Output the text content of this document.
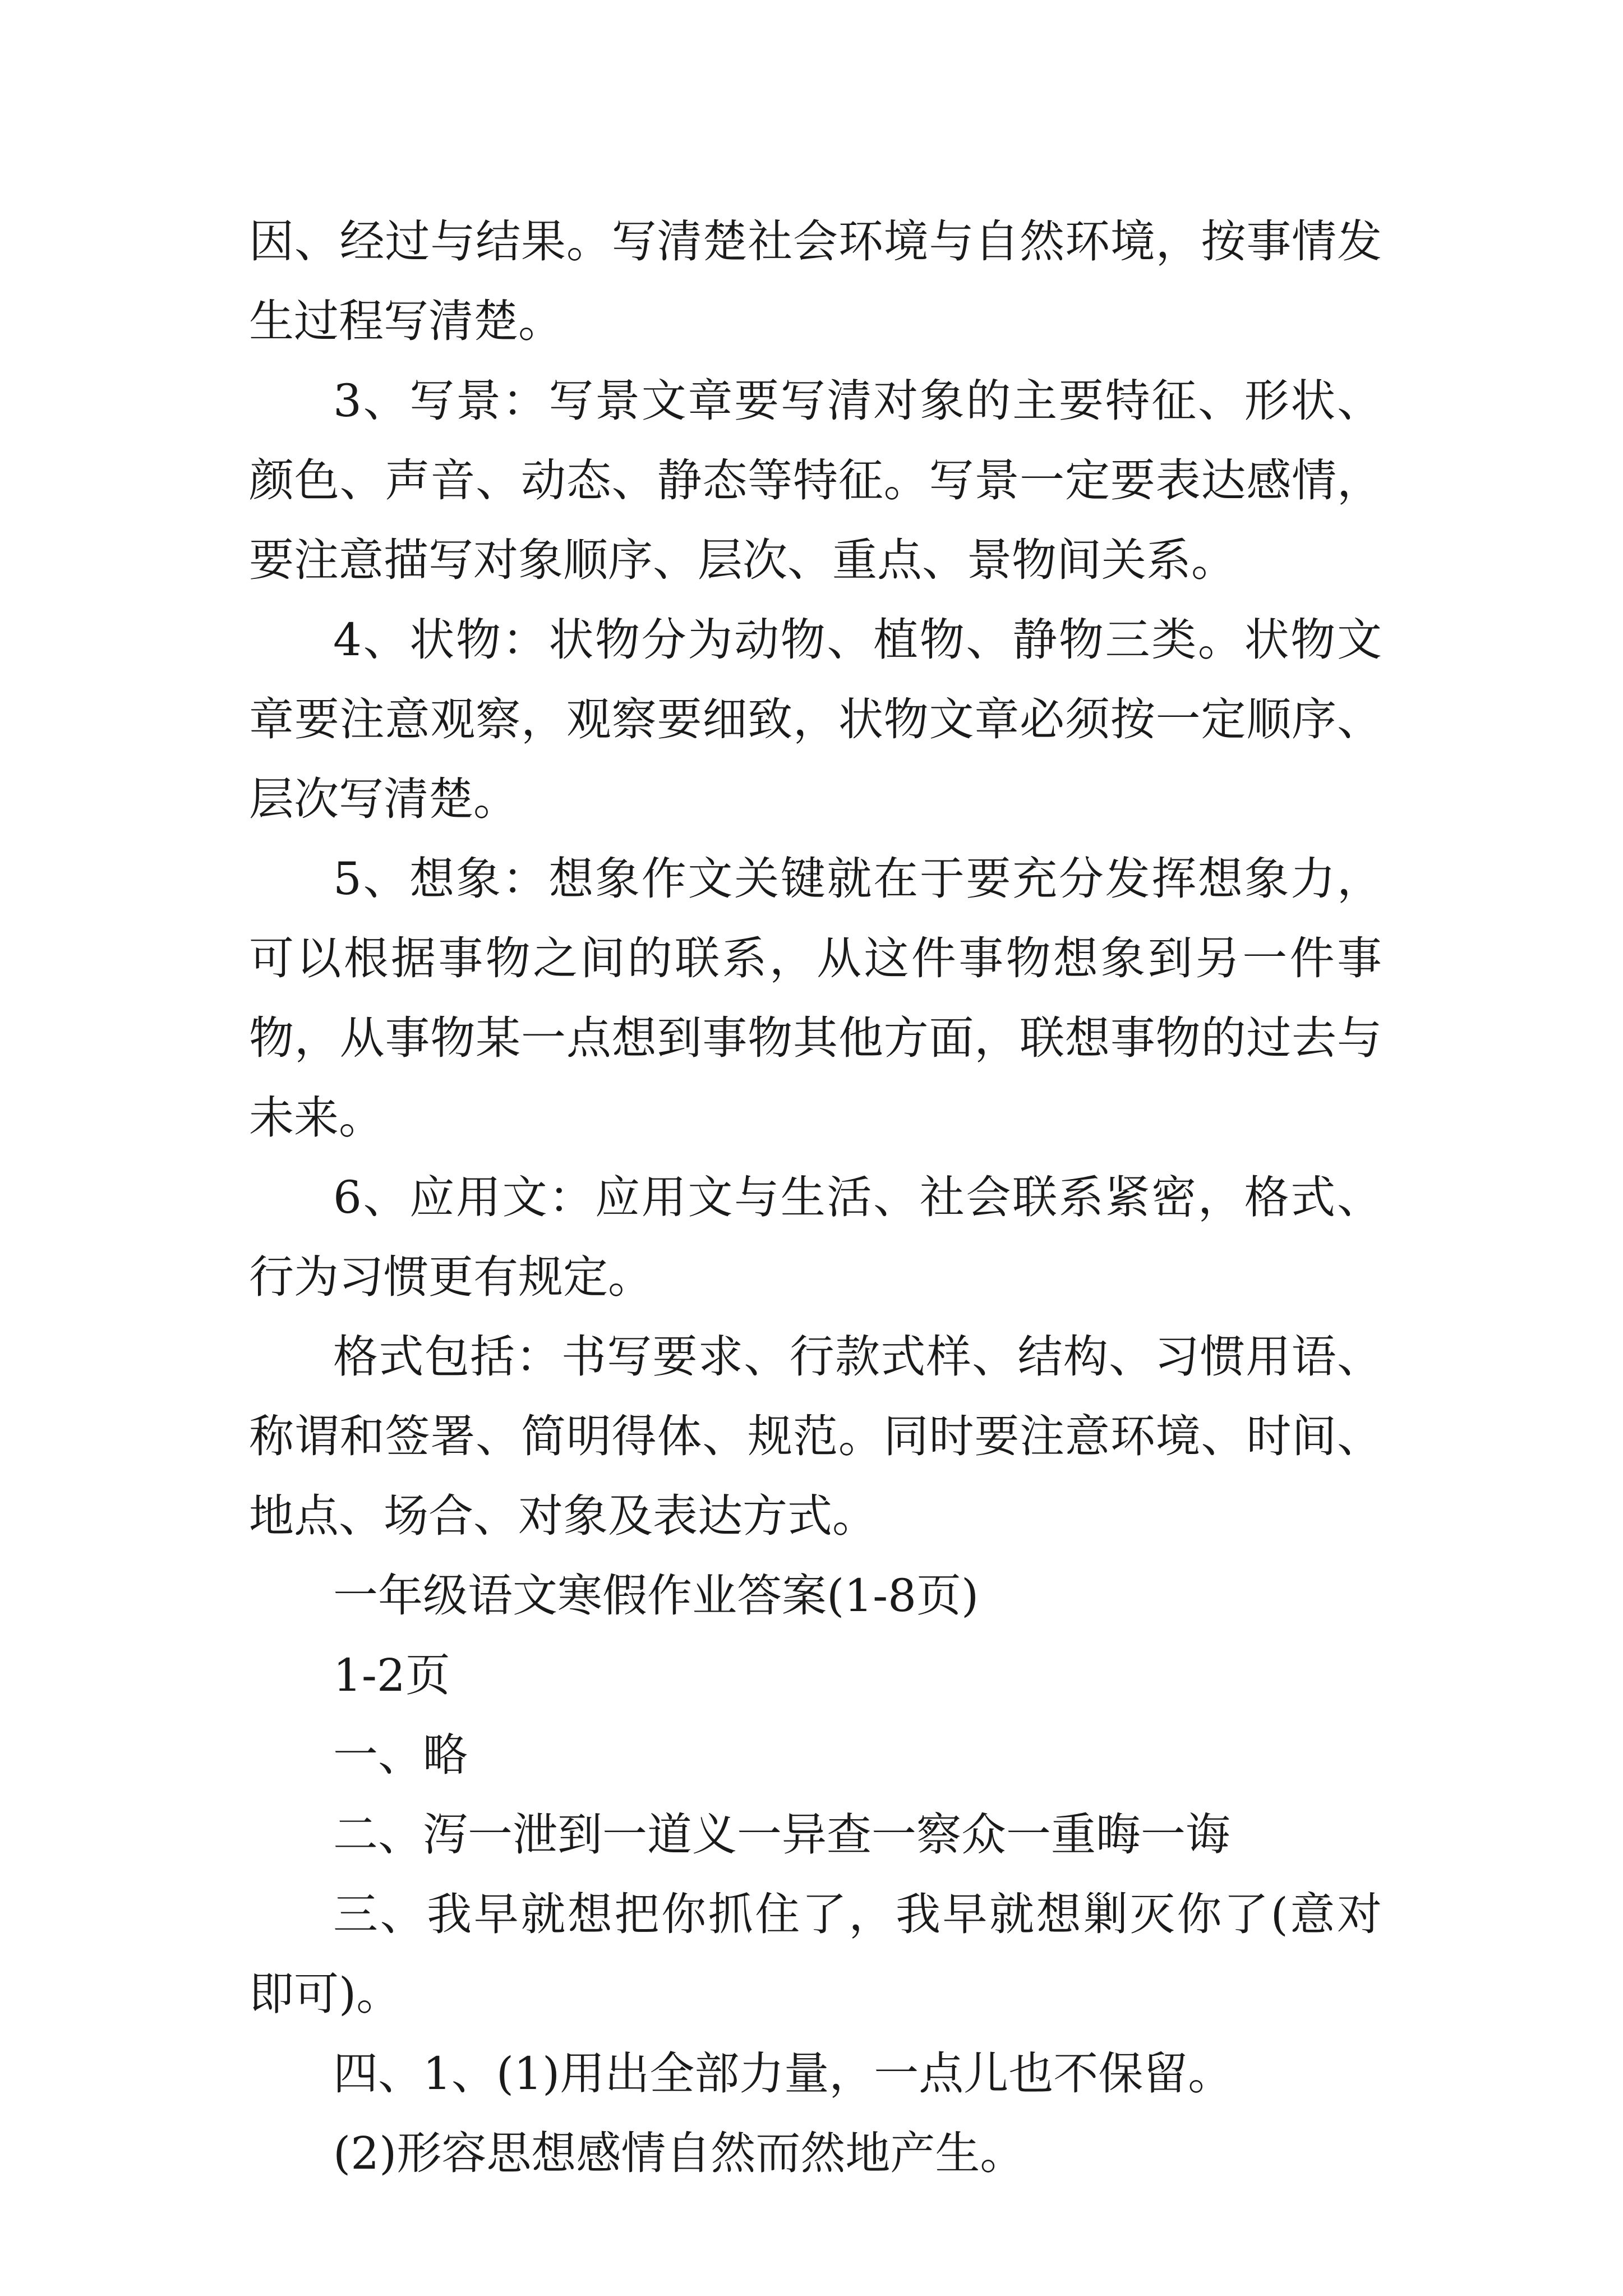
因、经过与结果。写清楚社会环境与自然环境，按事情发生过程写清楚。

3、写景：写景文章要写清对象的主要特征、形状、颜色、声音、动态、静态等特征。写景一定要表达感情，要注意描写对象顺序、层次、重点、景物间关系。

4、状物：状物分为动物、植物、静物三类。状物文章要注意观察，观察要细致，状物文章必须按一定顺序、层次写清楚。

5、想象：想象作文关键就在于要充分发挥想象力，可以根据事物之间的联系，从这件事物想象到另一件事物，从事物某一点想到事物其他方面，联想事物的过去与未来。

6、应用文：应用文与生活、社会联系紧密，格式、行为习惯更有规定。

格式包括：书写要求、行款式样、结构、习惯用语、称谓和签署、简明得体、规范。同时要注意环境、时间、地点、场合、对象及表达方式。

一年级语文寒假作业答案(1-8页)

1-2页

一、略

二、泻一泄到一道义一异查一察众一重晦一诲

三、我早就想把你抓住了，我早就想剿灭你了(意对即可)。

四、1、(1)用出全部力量，一点儿也不保留。

(2)形容思想感情自然而然地产生。
